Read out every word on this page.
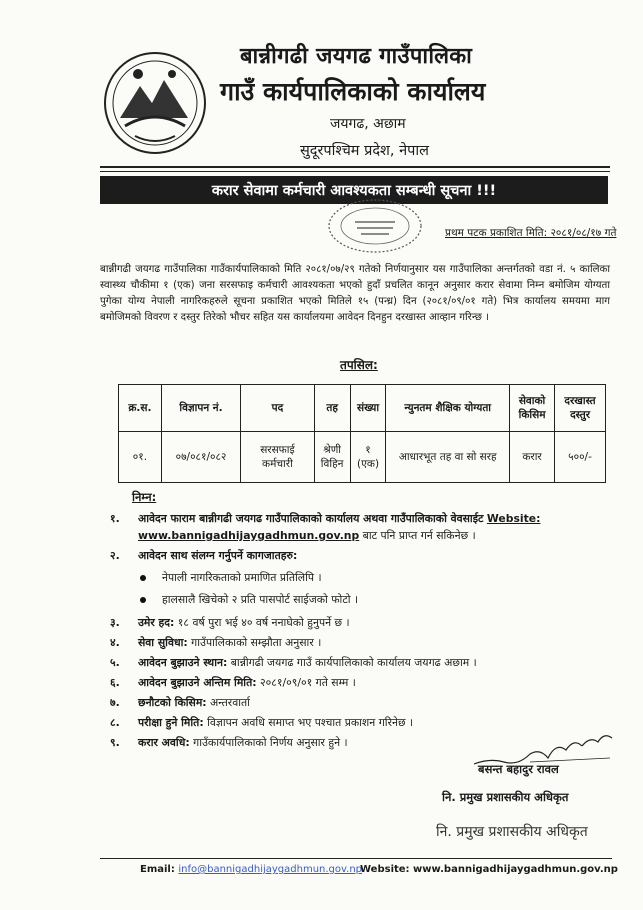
बान्नीगढी जयगढ गाउँपालिका
गाउँ कार्यपालिकाको कार्यालय
जयगढ, अछाम
सुदूरपश्चिम प्रदेश, नेपाल
करार सेवामा कर्मचारी आवश्यकता सम्बन्धी सूचना !!!
प्रथम पटक प्रकाशित मिति: २०८१/०८/१७ गते
बान्नीगढी जयगढ गाउँपालिका गाउँकार्यपालिकाको मिति २०८१/०७/२९ गतेको निर्णयानुसार यस गाउँपालिका अन्तर्गतको वडा नं. ५ कालिका स्वास्थ्य चौकीमा १ (एक) जना सरसफाइ कर्मचारी आवश्यकता भएको हुदाँ प्रचलित कानून अनुसार करार सेवामा निम्न बमोजिम योग्यता पुगेका योग्य नेपाली नागरिकहरुले सूचना प्रकाशित भएको मितिले १५ (पन्ध्र) दिन (२०८१/०९/०१ गते) भित्र कार्यालय समयमा माग बमोजिमको विवरण र दस्तुर तिरेको भौचर सहित यस कार्यालयमा आवेदन दिनहुन दरखास्त आव्हान गरिन्छ ।
तपसिल:
क्र.स.	विज्ञापन नं.	पद	तह	संख्या	न्युनतम शैक्षिक योग्यता	सेवाको किसिम	दरखास्त दस्तुर
०१.	०७/०८१/०८२	सरसफाई कर्मचारी	श्रेणी विहिन	१ (एक)	आधारभूत तह वा सो सरह	करार	५००/-
निम्न:
१. आवेदन फाराम बान्नीगढी जयगढ गाउँपालिकाको कार्यालय अथवा गाउँपालिकाको वेवसाईट Website: www.bannigadhijaygadhmun.gov.np बाट पनि प्राप्त गर्न सकिनेछ ।
२. आवेदन साथ संलग्न गर्नुपर्ने कागजातहरु:
नेपाली नागरिकताको प्रमाणित प्रतिलिपि ।
हालसालै खिचेको २ प्रति पासपोर्ट साईजको फोटो ।
३. उमेर हद: १८ वर्ष पुरा भई ४० वर्ष ननाघेको हुनुपर्ने छ ।
४. सेवा सुविधा: गाउँपालिकाको सम्झौता अनुसार ।
५. आवेदन बुझाउने स्थान: बान्नीगढी जयगढ गाउँ कार्यपालिकाको कार्यालय जयगढ अछाम ।
६. आवेदन बुझाउने अन्तिम मिति: २०८१/०९/०१ गते सम्म ।
७. छनौटको किसिम: अन्तरवार्ता
८. परीक्षा हुने मिति: विज्ञापन अवधि समाप्त भए पश्चात प्रकाशन गरिनेछ ।
९. करार अवधि: गाउँकार्यपालिकाको निर्णय अनुसार हुने ।
बसन्त बहादुर रावल
नि. प्रमुख प्रशासकीय अधिकृत
नि. प्रमुख प्रशासकीय अधिकृत
Email: info@bannigadhijaygadhmun.gov.np
Website: www.bannigadhijaygadhmun.gov.np
